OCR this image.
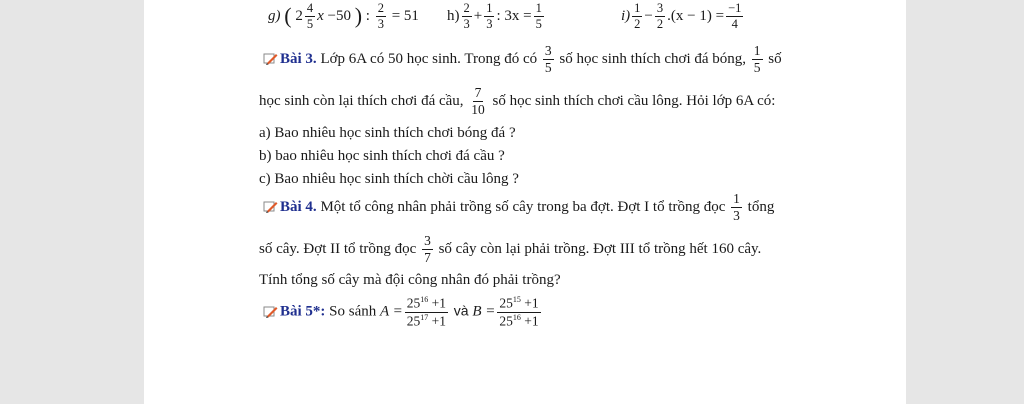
g) ( $2 \frac{4}{5}$ x −50 ) : $\frac{2}{3} = 51$ $h) \frac{2}{3} + \frac{1}{3}$ : $3x = \frac{1}{5}$	$i) \frac{1}{2} - \frac{3}{2} .(x - 1) = \frac{-1}{4}$
Bài 3. Lớp 6A có 50 học sinh. Trong đó có $\frac{3}{5}$ số học sinh thích chơi đá bóng, $\frac{1}{5}$ số
học sinh còn lại thích chơi đá cầu, $\frac{7}{10}$ số học sinh thích chơi cầu lông. Hỏi lớp 6A có:
a) Bao nhiêu học sinh thích chơi bóng đá ?
b) bao nhiêu học sinh thích chơi đá cầu ?
c) Bao nhiêu học sinh thích chời cầu lông ?
Bài 4. Một tổ công nhân phải trồng số cây trong ba đợt. Đợt I tổ trồng đọc $\frac{1}{3}$ tổng
số cây. Đợt II tổ trồng đọc $\frac{3}{7}$ số cây còn lại phải trồng. Đợt III tổ trồng hết 160 cây.
Tính tổng số cây mà đội công nhân đó phải trồng?
Bài 5*: So sánh $A = \frac{25^{16} +1}{25^{17} +1}$ và $B = \frac{25^{15} +1}{25^{16} +1}$
